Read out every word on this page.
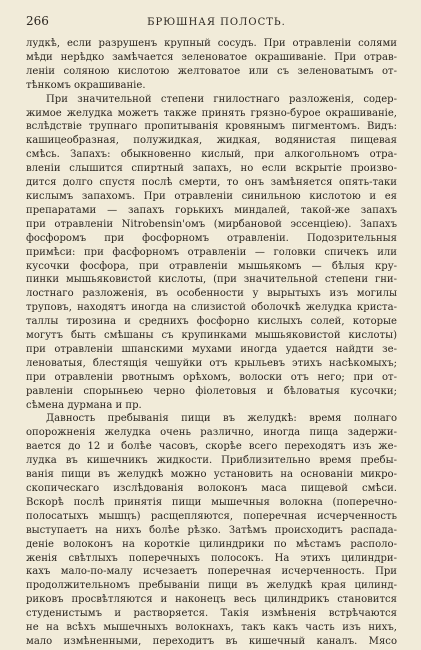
266	БРЮШНАЯ ПОЛОСТЬ.

лудкѣ, если разрушенъ крупный сосудъ. При отравленіи солями
мѣди нерѣдко замѣчается зеленоватое окрашиваніе. При отрав-
леніи соляною кислотою желтоватое или съ зеленоватымъ от-
тѣнкомъ окрашиваніе.

При значительной степени гнилостнаго разложенія, содер-
жимое желудка можетъ также принять грязно-бурое окрашиваніе,
вслѣдствіе трупнаго пропитыванія кровянымъ пигментомъ. Видъ:
кашицеобразная, полужидкая, жидкая, водянистая пищевая
смѣсь. Запахъ: обыкновенно кислый, при алкогольномъ отра-
вленіи слышится спиртный запахъ, но если вскрытіе произво-
дится долго спустя послѣ смерти, то онъ замѣняется опять-таки
кислымъ запахомъ. При отравленіи синильною кислотою и ея
препаратами — запахъ горькихъ миндалей, такой-же запахъ
при отравленіи Nitrobensin'омъ (мирбановой эссенціею). Запахъ
фосфоромъ при фосфорномъ отравленіи. Подозрительныя
примѣси: при фасфорномъ отравленіи — головки спичекъ или
кусочки фосфора, при отравленіи мышьякомъ — бѣлыя кру-
пинки мышьяковистой кислоты, (при значительной степени гни-
лостнаго разложенія, въ особенности у вырытыхъ изъ могилы
труповъ, находятъ иногда на слизистой оболочкѣ желудка криста-
таллы тирозина и среднихъ фосфорно кислыхъ солей, которые
могутъ быть смѣшаны съ крупинками мышьяковистой кислоты)
при отравленіи шпанскими мухами иногда удается найдти зе-
леноватыя, блестящія чешуйки отъ крыльевъ этихъ насѣкомыхъ;
при отравленіи рвотнымъ орѣхомъ, волоски отъ него; при от-
равленіи спорыньею черно фіолетовыя и бѣловатыя кусочки;
сѣмена дурмана и пр.

Давность пребыванія пищи въ желудкѣ: время полнаго
опорожненія желудка очень различно, иногда пища задержи-
вается до 12 и болѣе часовъ, скорѣе всего переходятъ изъ же-
лудка въ кишечникъ жидкости. Приблизительно время пребы-
ванія пищи въ желудкѣ можно установить на основаніи микро-
скопическаго изслѣдованія волоконъ маса пищевой смѣси.
Вскорѣ послѣ принятія пищи мышечныя волокна (поперечно-
полосатыхъ мышцъ) расщепляются, поперечная исчерченность
выступаетъ на нихъ болѣе рѣзко. Затѣмъ происходитъ распада-
деніе волоконъ на короткіе цилиндрики по мѣстамъ располо-
женія свѣтлыхъ поперечныхъ полосокъ. На этихъ цилиндри-
кахъ мало-по-малу исчезаетъ поперечная исчерченность. При
продолжительномъ пребываніи пищи въ желудкѣ края цилинд-
риковъ просвѣтляются и наконецъ весь цилиндрикъ становится
студенистымъ и растворяется. Такія измѣненія встрѣчаются
не на всѣхъ мышечныхъ волокнахъ, такъ какъ часть изъ нихъ,
мало измѣненными, переходитъ въ кишечный каналъ. Мясо
